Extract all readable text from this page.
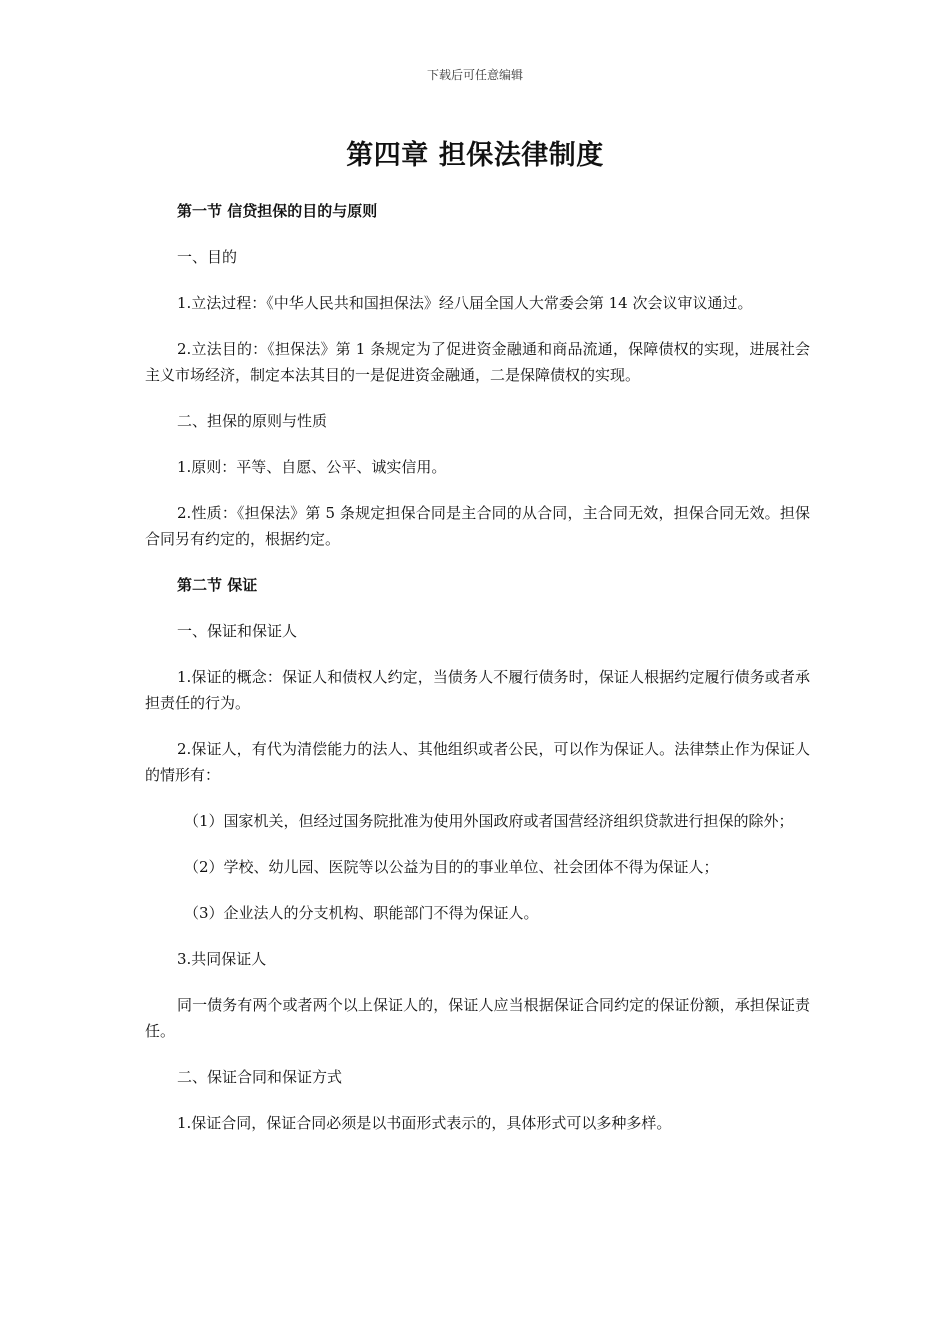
下载后可任意编辑
第四章 担保法律制度

第一节 信贷担保的目的与原则

一、目的

1.立法过程：《中华人民共和国担保法》经八届全国人大常委会第 14 次会议审议通过。

2.立法目的：《担保法》第 1 条规定为了促进资金融通和商品流通，保障债权的实现，进展社会主义市场经济，制定本法其目的一是促进资金融通，二是保障债权的实现。

二、担保的原则与性质

1.原则：平等、自愿、公平、诚实信用。

2.性质：《担保法》第 5 条规定担保合同是主合同的从合同，主合同无效，担保合同无效。担保合同另有约定的，根据约定。

第二节 保证

一、保证和保证人

1.保证的概念：保证人和债权人约定，当债务人不履行债务时，保证人根据约定履行债务或者承担责任的行为。

2.保证人，有代为清偿能力的法人、其他组织或者公民，可以作为保证人。法律禁止作为保证人的情形有：

（1）国家机关，但经过国务院批准为使用外国政府或者国营经济组织贷款进行担保的除外；

（2）学校、幼儿园、医院等以公益为目的的事业单位、社会团体不得为保证人；

（3）企业法人的分支机构、职能部门不得为保证人。

3.共同保证人

同一债务有两个或者两个以上保证人的，保证人应当根据保证合同约定的保证份额，承担保证责任。

二、保证合同和保证方式

1.保证合同，保证合同必须是以书面形式表示的，具体形式可以多种多样。
